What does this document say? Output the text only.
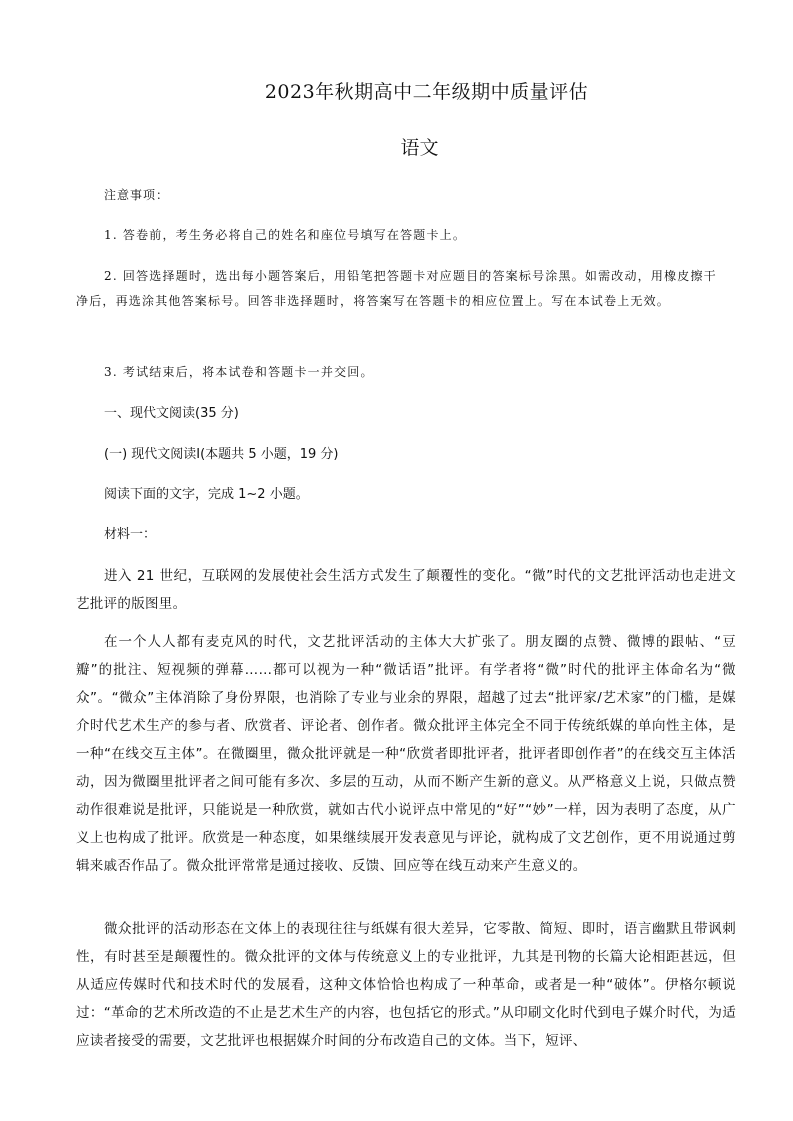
2023年秋期高中二年级期中质量评估
语文
注意事项：
1. 答卷前，考生务必将自己的姓名和座位号填写在答题卡上。
2. 回答选择题时，选出每小题答案后，用铅笔把答题卡对应题目的答案标号涂黑。如需改动，用橡皮擦干净后，再选涂其他答案标号。回答非选择题时，将答案写在答题卡的相应位置上。写在本试卷上无效。
3. 考试结束后，将本试卷和答题卡一并交回。
一、现代文阅读(35 分)
(一) 现代文阅读Ⅰ(本题共 5 小题，19 分)
阅读下面的文字，完成 1~2 小题。
材料一：
进入 21 世纪，互联网的发展使社会生活方式发生了颠覆性的变化。“微”时代的文艺批评活动也走进文艺批评的版图里。
在一个人人都有麦克风的时代，文艺批评活动的主体大大扩张了。朋友圈的点赞、微博的跟帖、“豆瓣”的批注、短视频的弹幕……都可以视为一种“微话语”批评。有学者将“微”时代的批评主体命名为“微众”。“微众”主体消除了身份界限，也消除了专业与业余的界限，超越了过去“批评家/艺术家”的门槛，是媒介时代艺术生产的参与者、欣赏者、评论者、创作者。微众批评主体完全不同于传统纸媒的单向性主体，是一种“在线交互主体”。在微圈里，微众批评就是一种“欣赏者即批评者，批评者即创作者”的在线交互主体活动，因为微圈里批评者之间可能有多次、多层的互动，从而不断产生新的意义。从严格意义上说，只做点赞动作很难说是批评，只能说是一种欣赏，就如古代小说评点中常见的“好”“妙”一样，因为表明了态度，从广义上也构成了批评。欣赏是一种态度，如果继续展开发表意见与评论，就构成了文艺创作，更不用说通过剪辑来戚否作品了。微众批评常常是通过接收、反馈、回应等在线互动来产生意义的。
微众批评的活动形态在文体上的表现往往与纸媒有很大差异，它零散、简短、即时，语言幽默且带讽刺性，有时甚至是颠覆性的。微众批评的文体与传统意义上的专业批评，九其是刊物的长篇大论相距甚远，但从适应传媒时代和技术时代的发展看，这种文体恰恰也构成了一种革命，或者是一种“破体”。伊格尔顿说过：“革命的艺术所改造的不止是艺术生产的内容，也包括它的形式。”从印刷文化时代到电子媒介时代，为适应读者接受的需要，文艺批评也根据媒介时间的分布改造自己的文体。当下，短评、
